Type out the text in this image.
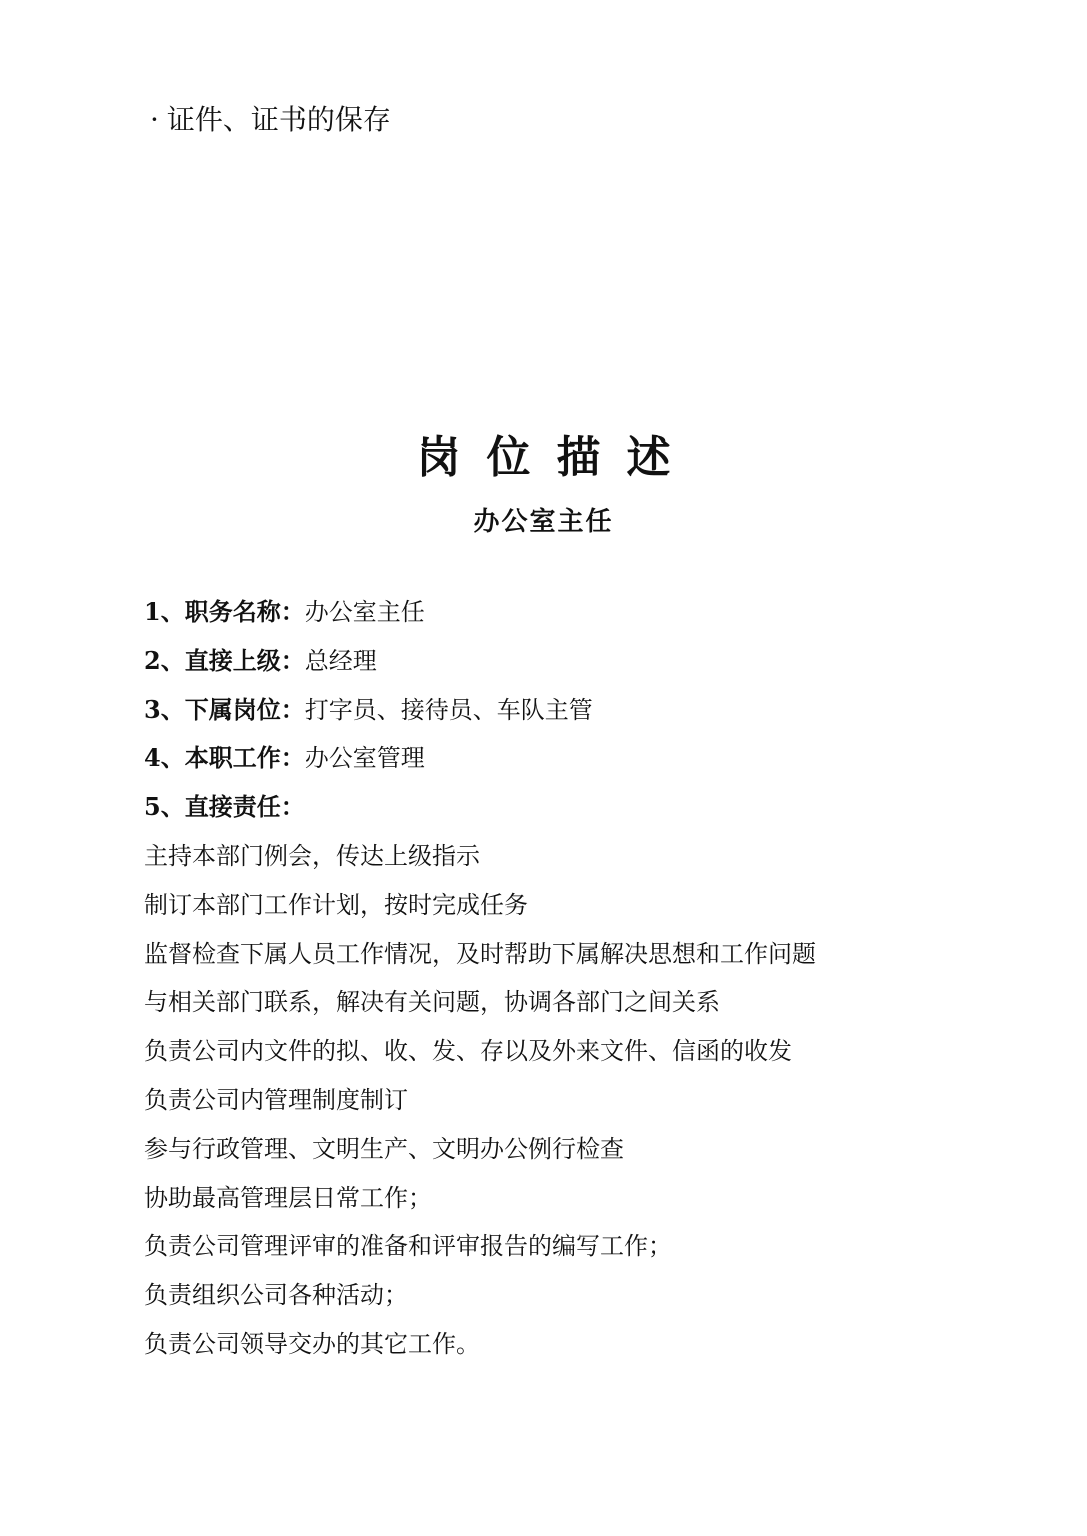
· 证件、证书的保存
岗位描述
办公室主任
1、职务名称：办公室主任
2、直接上级：总经理
3、下属岗位：打字员、接待员、车队主管
4、本职工作：办公室管理
5、直接责任：
主持本部门例会，传达上级指示
制订本部门工作计划，按时完成任务
监督检查下属人员工作情况，及时帮助下属解决思想和工作问题
与相关部门联系，解决有关问题，协调各部门之间关系
负责公司内文件的拟、收、发、存以及外来文件、信函的收发
负责公司内管理制度制订
参与行政管理、文明生产、文明办公例行检查
协助最高管理层日常工作；
负责公司管理评审的准备和评审报告的编写工作；
负责组织公司各种活动；
负责公司领导交办的其它工作。
